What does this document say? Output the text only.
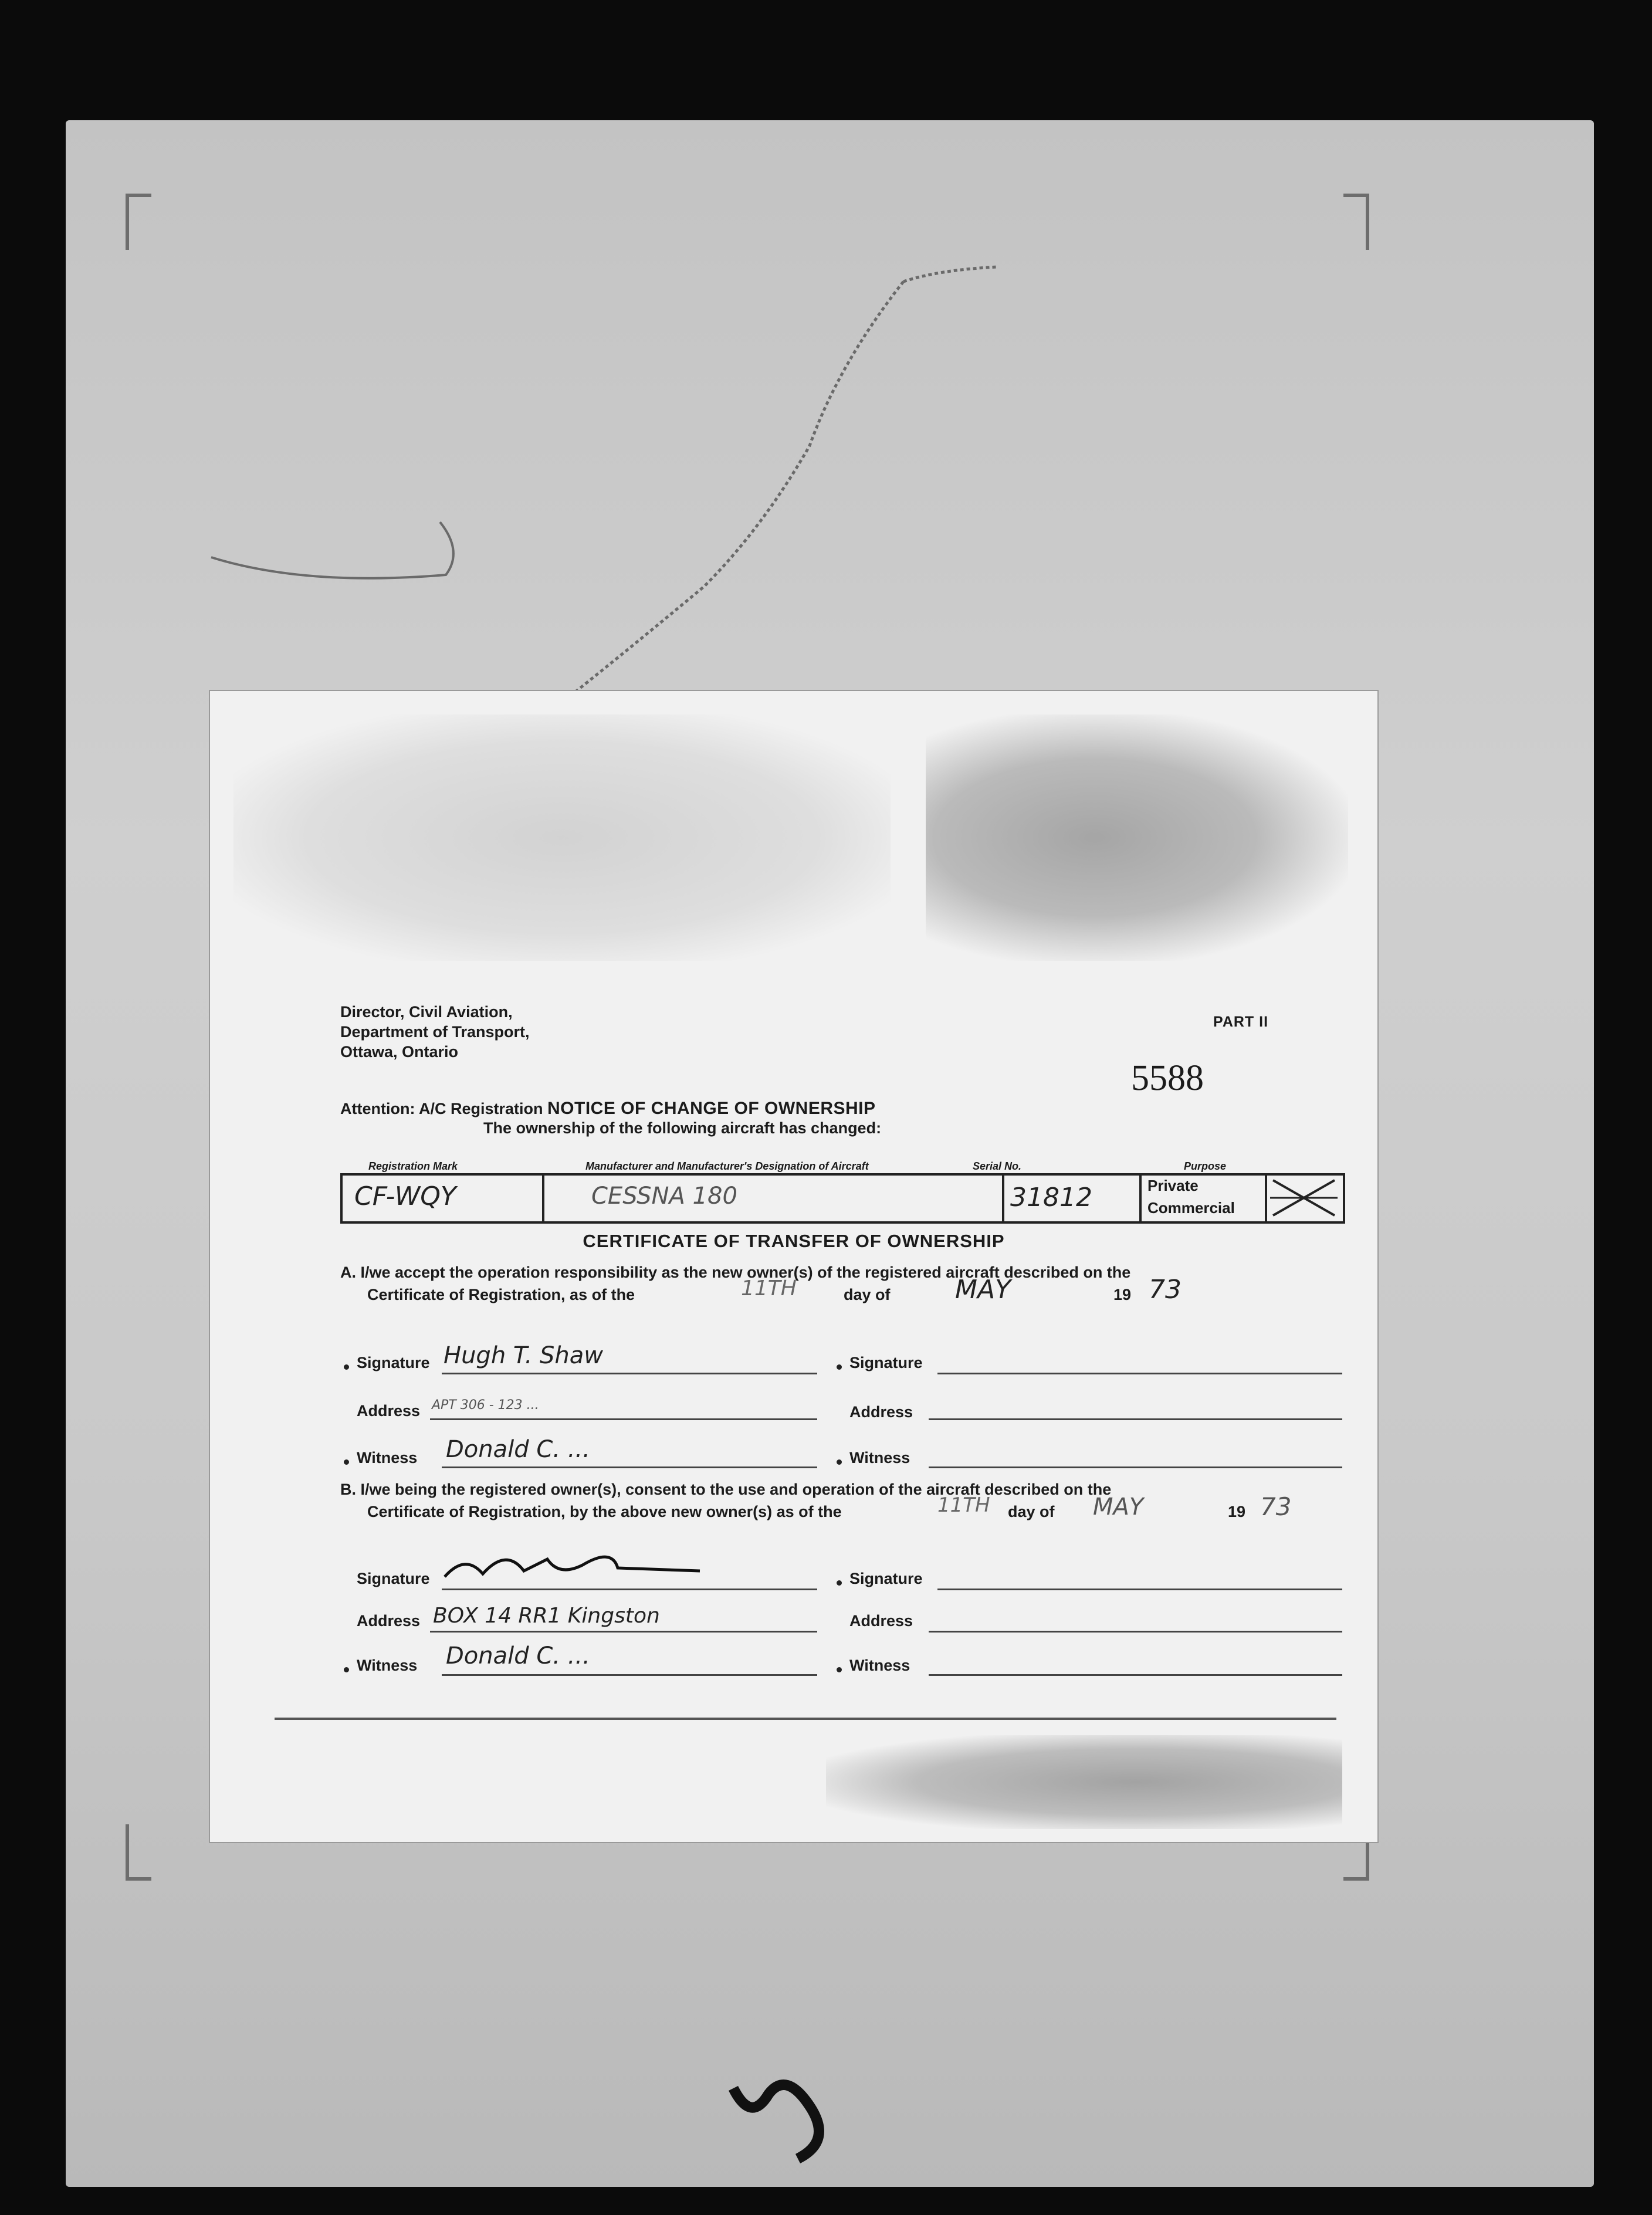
Director, Civil Aviation,
Department of Transport,
Ottawa, Ontario
PART II
5588
Attention: A/C Registration NOTICE OF CHANGE OF OWNERSHIP
The ownership of the following aircraft has changed:
Registration Mark	Manufacturer and Manufacturer's Designation of Aircraft	Serial No.	Purpose
CF-WQY	CESSNA 180	31812	Private
Commercial
CERTIFICATE OF TRANSFER OF OWNERSHIP
A. I/we accept the operation responsibility as the new owner(s) of the registered aircraft described on the
Certificate of Registration, as of the	11TH	day of	MAY	19 73
Signature Hugh T. Shaw	Signature
Address APT 306 - 123 ...	Address
Witness Donald C. ...	Witness
B. I/we being the registered owner(s), consent to the use and operation of the aircraft described on the
Certificate of Registration, by the above new owner(s) as of the	11TH day of MAY	19 73
Signature	Signature
Address BOX 14 RR1 Kingston	Address
Witness Donald C. ...	Witness
